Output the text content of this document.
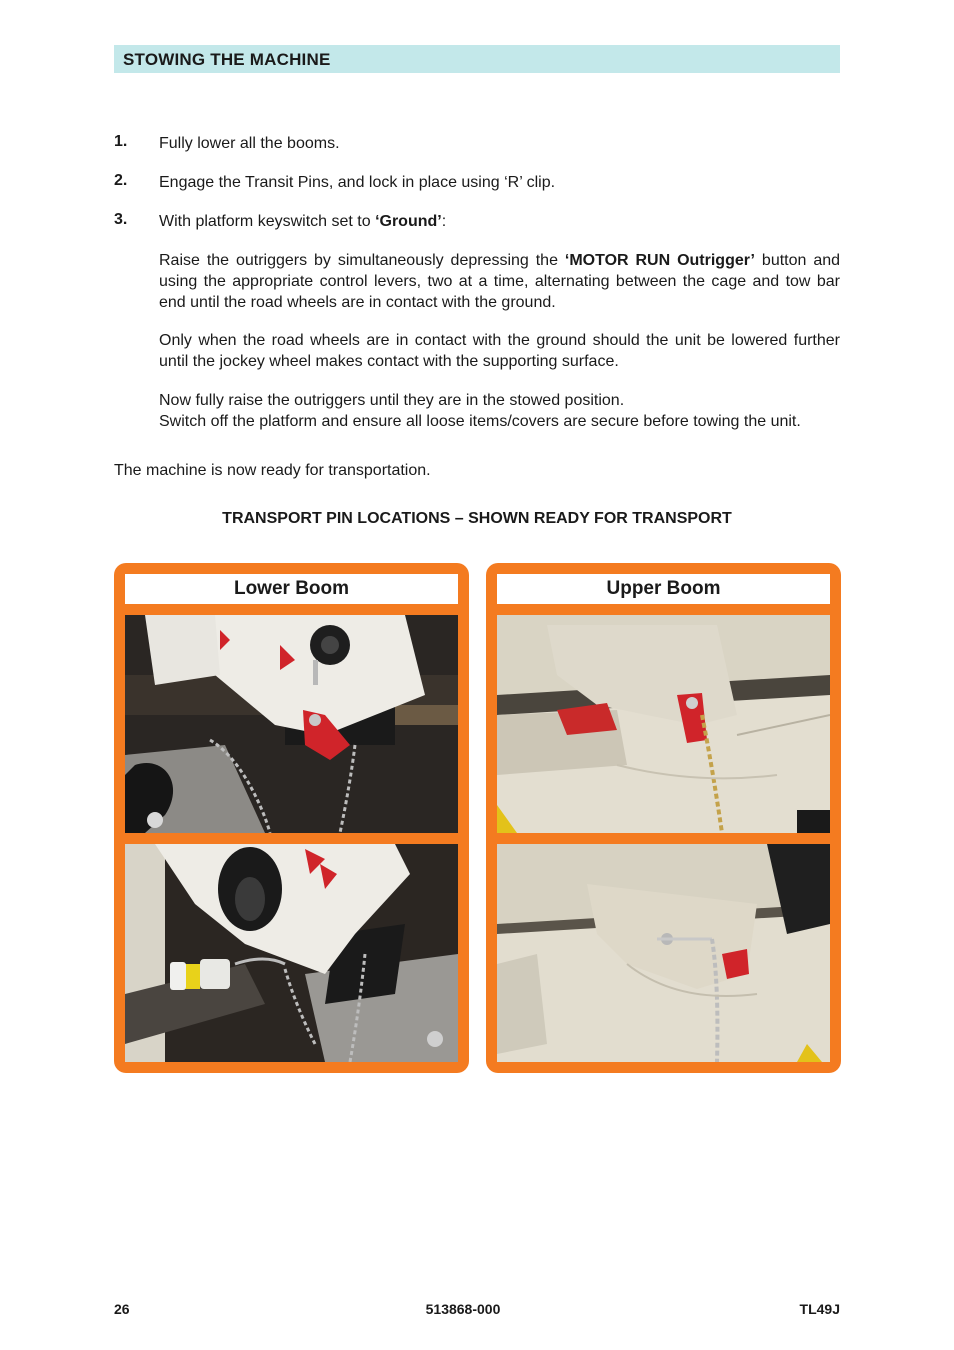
STOWING THE MACHINE
1. Fully lower all the booms.
2. Engage the Transit Pins, and lock in place using ‘R’ clip.
3. With platform keyswitch set to ‘Ground’:
Raise the outriggers by simultaneously depressing the ‘MOTOR RUN Outrigger’ button and using the appropriate control levers, two at a time, alternating between the cage and tow bar end until the road wheels are in contact with the ground.
Only when the road wheels are in contact with the ground should the unit be lowered further until the jockey wheel makes contact with the supporting surface.
Now fully raise the outriggers until they are in the stowed position.
Switch off the platform and ensure all loose items/covers are secure before towing the unit.
The machine is now ready for transportation.
TRANSPORT PIN LOCATIONS – SHOWN READY FOR TRANSPORT
Lower Boom	Upper Boom
26	513868-000	TL49J
